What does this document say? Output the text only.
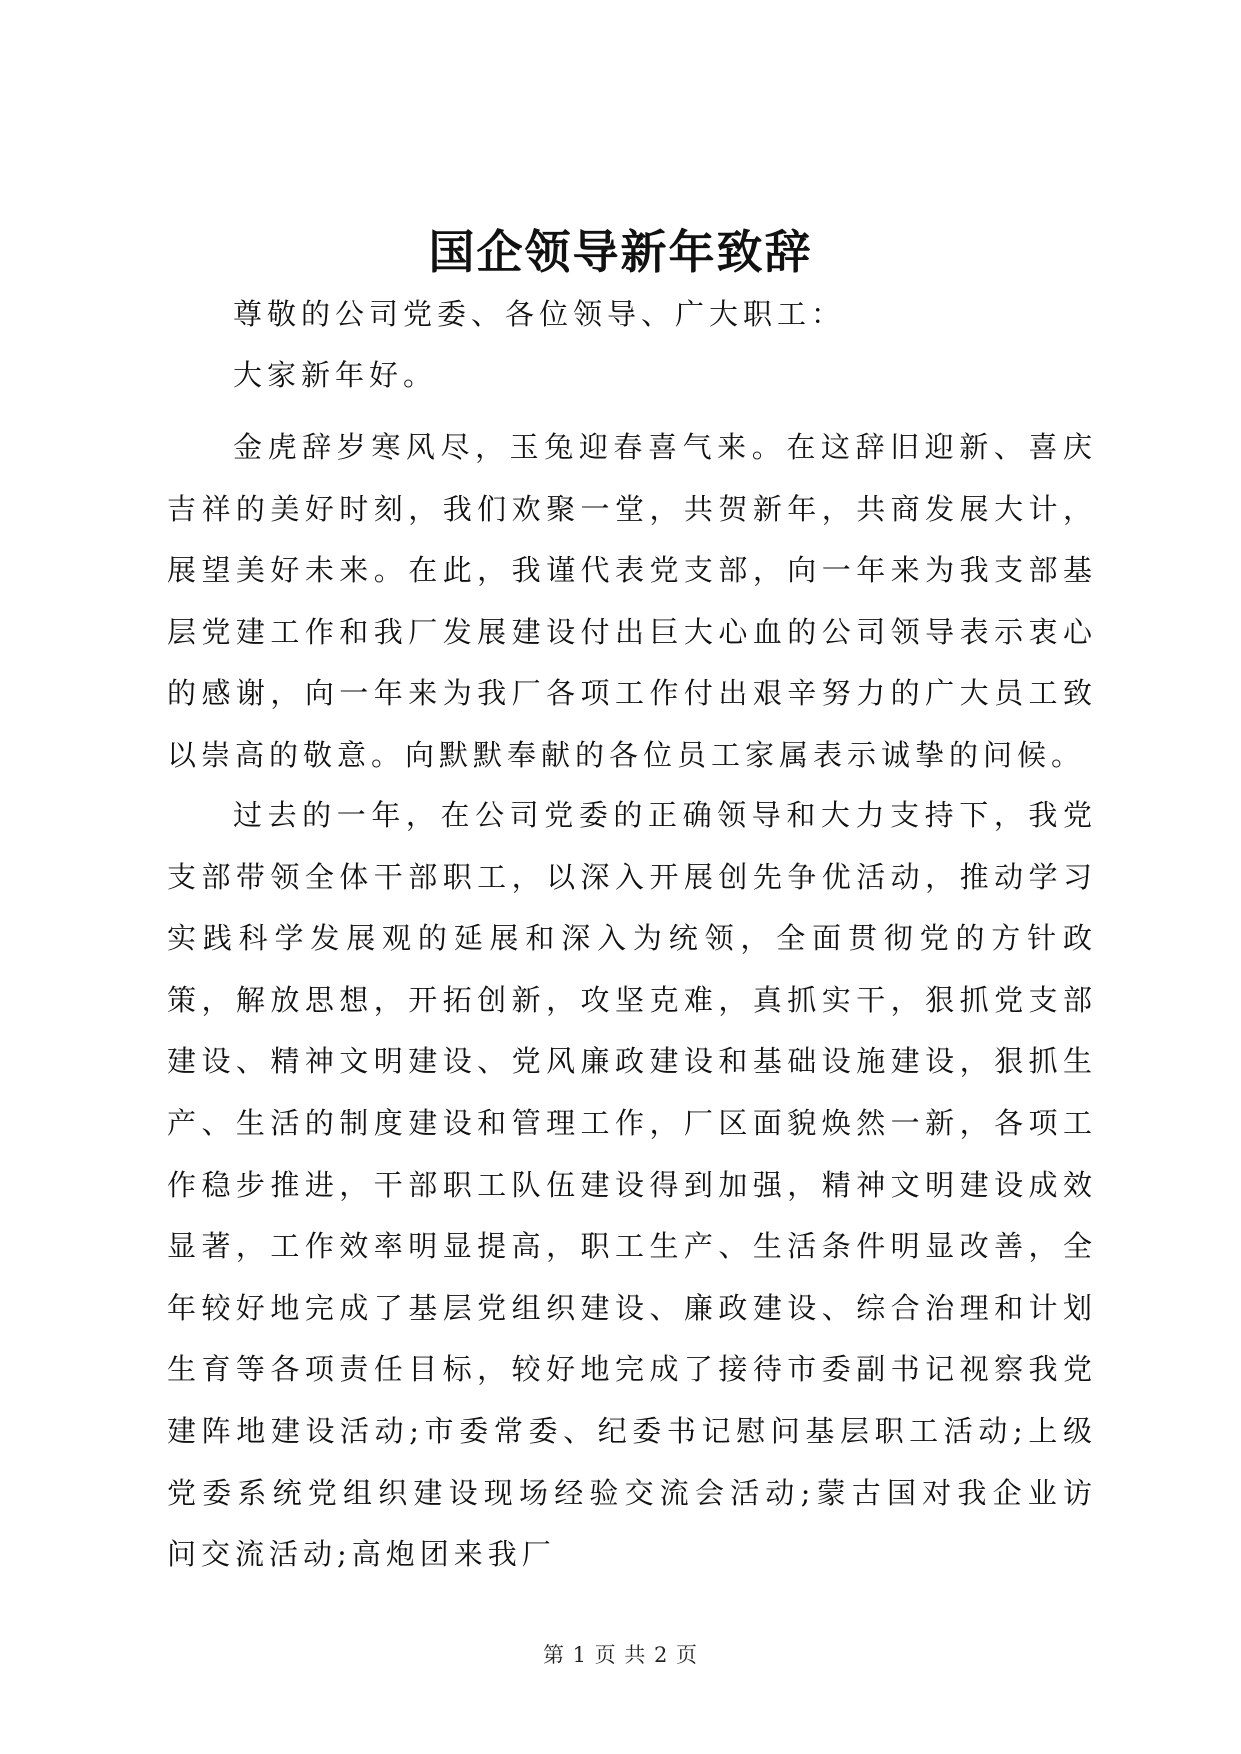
国企领导新年致辞
尊敬的公司党委、各位领导、广大职工：
大家新年好。

金虎辞岁寒风尽，玉兔迎春喜气来。在这辞旧迎新、喜庆吉祥的美好时刻，我们欢聚一堂，共贺新年，共商发展大计，展望美好未来。在此，我谨代表党支部，向一年来为我支部基层党建工作和我厂发展建设付出巨大心血的公司领导表示衷心的感谢，向一年来为我厂各项工作付出艰辛努力的广大员工致以崇高的敬意。向默默奉献的各位员工家属表示诚挚的问候。

过去的一年，在公司党委的正确领导和大力支持下，我党支部带领全体干部职工，以深入开展创先争优活动，推动学习实践科学发展观的延展和深入为统领，全面贯彻党的方针政策，解放思想，开拓创新，攻坚克难，真抓实干，狠抓党支部建设、精神文明建设、党风廉政建设和基础设施建设，狠抓生产、生活的制度建设和管理工作，厂区面貌焕然一新，各项工作稳步推进，干部职工队伍建设得到加强，精神文明建设成效显著，工作效率明显提高，职工生产、生活条件明显改善，全年较好地完成了基层党组织建设、廉政建设、综合治理和计划生育等各项责任目标，较好地完成了接待市委副书记视察我党建阵地建设活动;市委常委、纪委书记慰问基层职工活动;上级党委系统党组织建设现场经验交流会活动;蒙古国对我企业访问交流活动;高炮团来我厂

第 1 页 共 2 页
